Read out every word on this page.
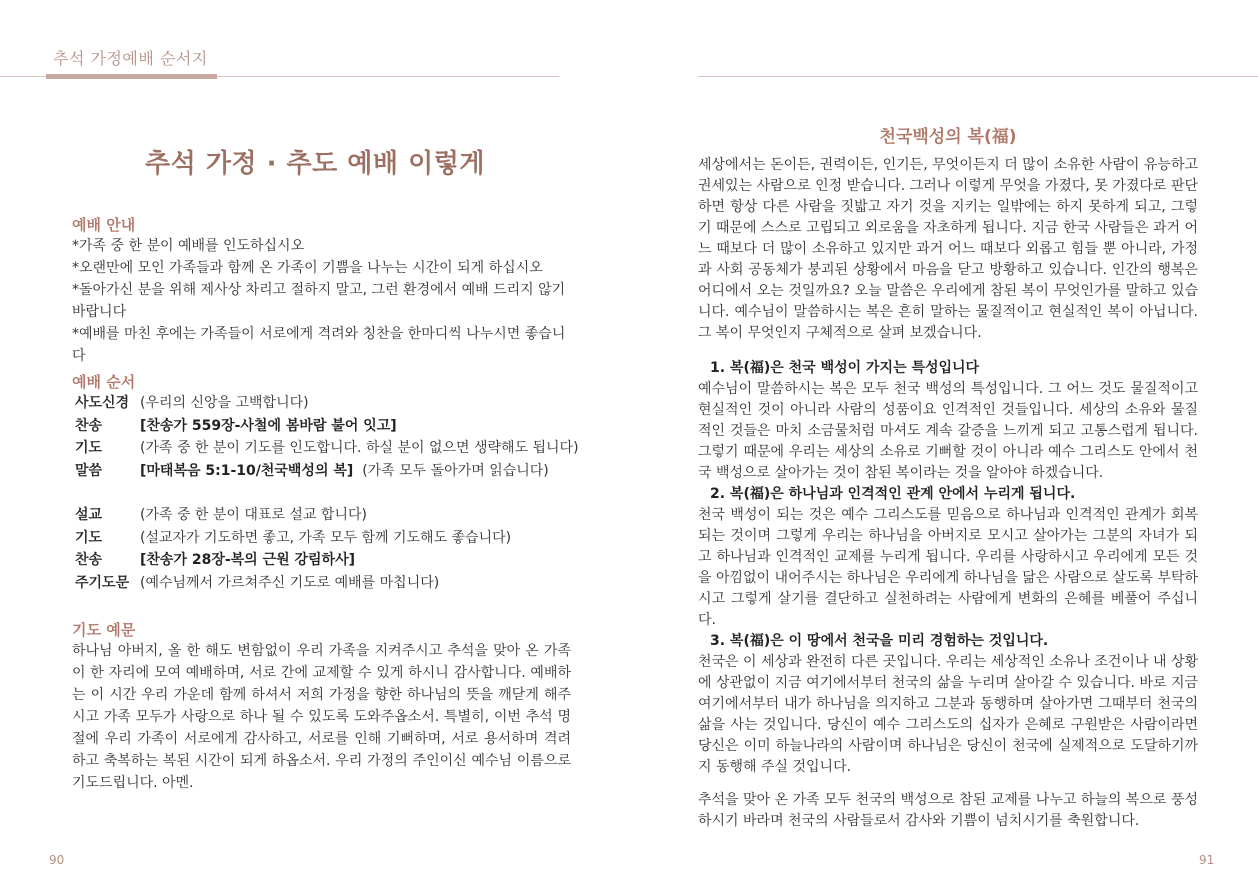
추석 가정예배 순서지
추석 가정 · 추도 예배 이렇게
예배 안내

*가족 중 한 분이 예배를 인도하십시오

*오랜만에 모인 가족들과 함께 온 가족이 기쁨을 나누는 시간이 되게 하십시오

*돌아가신 분을 위해 제사상 차리고 절하지 말고, 그런 환경에서 예배 드리지 않기 바랍니다

*예배를 마친 후에는 가족들이 서로에게 격려와 칭찬을 한마디씩 나누시면 좋습니다

예배 순서
사도신경 (우리의 신앙을 고백합니다)
찬송	[찬송가 559장-사철에 봄바람 불어 잇고]
기도	(가족 중 한 분이 기도를 인도합니다. 하실 분이 없으면 생략해도 됩니다)
말씀	[마태복음 5:1-10/천국백성의 복] (가족 모두 돌아가며 읽습니다)
설교	(가족 중 한 분이 대표로 설교 합니다)
기도	(설교자가 기도하면 좋고, 가족 모두 함께 기도해도 좋습니다)
찬송	[찬송가 28장-복의 근원 강림하사]
주기도문 (예수님께서 가르쳐주신 기도로 예배를 마칩니다)
기도 예문
하나님 아버지, 올 한 해도 변함없이 우리 가족을 지켜주시고 추석을 맞아 온 가족이 한 자리에 모여 예배하며, 서로 간에 교제할 수 있게 하시니 감사합니다. 예배하는 이 시간 우리 가운데 함께 하셔서 저희 가정을 향한 하나님의 뜻을 깨닫게 해주시고 가족 모두가 사랑으로 하나 될 수 있도록 도와주옵소서. 특별히, 이번 추석 명절에 우리 가족이 서로에게 감사하고, 서로를 인해 기뻐하며, 서로 용서하며 격려하고 축복하는 복된 시간이 되게 하옵소서. 우리 가정의 주인이신 예수님 이름으로 기도드립니다. 아멘.
90
천국백성의 복(福)

세상에서는 돈이든, 권력이든, 인기든, 무엇이든지 더 많이 소유한 사람이 유능하고 권세있는 사람으로 인정 받습니다. 그러나 이렇게 무엇을 가졌다, 못 가졌다로 판단하면 항상 다른 사람을 짓밟고 자기 것을 지키는 일밖에는 하지 못하게 되고, 그렇기 때문에 스스로 고립되고 외로움을 자초하게 됩니다. 지금 한국 사람들은 과거 어느 때보다 더 많이 소유하고 있지만 과거 어느 때보다 외롭고 힘들 뿐 아니라, 가정과 사회 공동체가 붕괴된 상황에서 마음을 닫고 방황하고 있습니다. 인간의 행복은 어디에서 오는 것일까요? 오늘 말씀은 우리에게 참된 복이 무엇인가를 말하고 있습니다. 예수님이 말씀하시는 복은 흔히 말하는 물질적이고 현실적인 복이 아닙니다. 그 복이 무엇인지 구체적으로 살펴 보겠습니다.

1. 복(福)은 천국 백성이 가지는 특성입니다

예수님이 말씀하시는 복은 모두 천국 백성의 특성입니다. 그 어느 것도 물질적이고 현실적인 것이 아니라 사람의 성품이요 인격적인 것들입니다. 세상의 소유와 물질적인 것들은 마치 소금물처럼 마셔도 계속 갈증을 느끼게 되고 고통스럽게 됩니다. 그렇기 때문에 우리는 세상의 소유로 기뻐할 것이 아니라 예수 그리스도 안에서 천국 백성으로 살아가는 것이 참된 복이라는 것을 알아야 하겠습니다.

2. 복(福)은 하나님과 인격적인 관계 안에서 누리게 됩니다.

천국 백성이 되는 것은 예수 그리스도를 믿음으로 하나님과 인격적인 관계가 회복되는 것이며 그렇게 우리는 하나님을 아버지로 모시고 살아가는 그분의 자녀가 되고 하나님과 인격적인 교제를 누리게 됩니다. 우리를 사랑하시고 우리에게 모든 것을 아낌없이 내어주시는 하나님은 우리에게 하나님을 닮은 사람으로 살도록 부탁하시고 그렇게 살기를 결단하고 실천하려는 사람에게 변화의 은혜를 베풀어 주십니다.

3. 복(福)은 이 땅에서 천국을 미리 경험하는 것입니다.

천국은 이 세상과 완전히 다른 곳입니다. 우리는 세상적인 소유나 조건이나 내 상황에 상관없이 지금 여기에서부터 천국의 삶을 누리며 살아갈 수 있습니다. 바로 지금 여기에서부터 내가 하나님을 의지하고 그분과 동행하며 살아가면 그때부터 천국의 삶을 사는 것입니다. 당신이 예수 그리스도의 십자가 은혜로 구원받은 사람이라면 당신은 이미 하늘나라의 사람이며 하나님은 당신이 천국에 실제적으로 도달하기까지 동행해 주실 것입니다.

추석을 맞아 온 가족 모두 천국의 백성으로 참된 교제를 나누고 하늘의 복으로 풍성하시기 바라며 천국의 사람들로서 감사와 기쁨이 넘치시기를 축원합니다.

91
